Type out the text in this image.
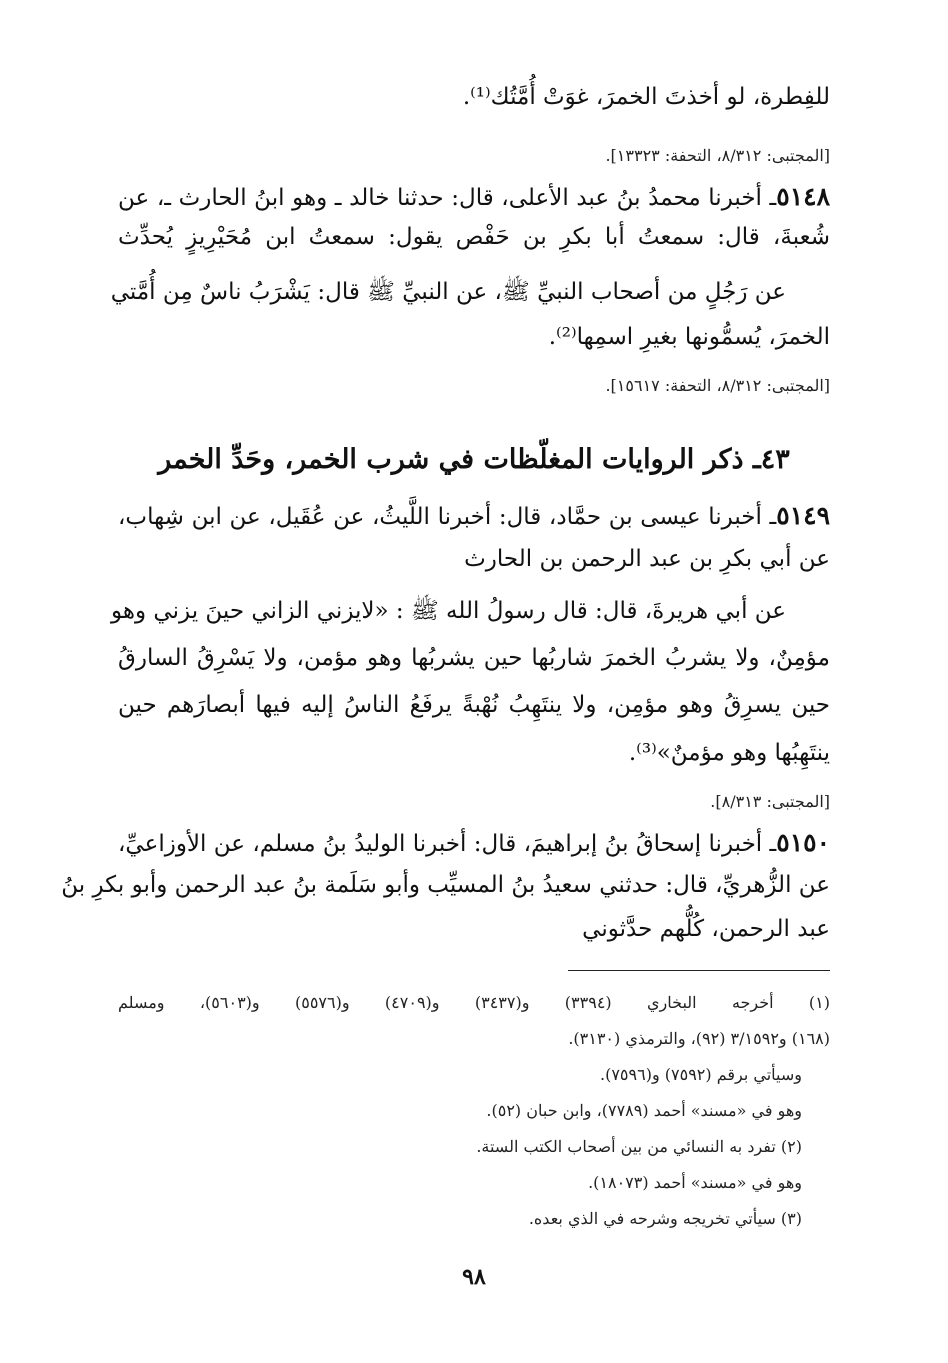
للفِطرة، لو أخذتَ الخمرَ، غوَتْ أُمَّتُك⁽¹⁾.
[المجتبى: ٨/٣١٢، التحفة: ١٣٣٢٣].
٥١٤٨ـ أخبرنا محمدُ بنُ عبد الأعلى، قال: حدثنا خالد ـ وهو ابنُ الحارث ـ، عن
شُعبةَ، قال: سمعتُ أبا بكرِ بن حَفْص يقول: سمعتُ ابن مُحَيْرِيزٍ يُحدِّث
عن رَجُلٍ من أصحاب النبيِّ ﷺ، عن النبيِّ ﷺ قال: يَشْرَبُ ناسٌ مِن أُمَّتي
الخمرَ، يُسمُّونها بغيرِ اسمِها⁽²⁾.
[المجتبى: ٨/٣١٢، التحفة: ١٥٦١٧].
٤٣ـ ذكر الروايات المغلّظات في شرب الخمر، وحَدِّ الخمر
٥١٤٩ـ أخبرنا عيسى بن حمَّاد، قال: أخبرنا اللَّيثُ، عن عُقَيل، عن ابن شِهاب،
عن أبي بكرِ بن عبد الرحمن بن الحارث
عن أبي هريرةَ، قال: قال رسولُ الله ﷺ : «لايزني الزاني حينَ يزني وهو
مؤمِنٌ، ولا يشربُ الخمرَ شاربُها حين يشربُها وهو مؤمن، ولا يَسْرِقُ السارقُ
حين يسرِقُ وهو مؤمِن، ولا ينتَهِبُ نُهْبةً يرفَعُ الناسُ إليه فيها أبصارَهم حين
ينتَهِبُها وهو مؤمنٌ»⁽³⁾.
[المجتبى: ٨/٣١٣].
٥١٥٠ـ أخبرنا إسحاقُ بنُ إبراهيمَ، قال: أخبرنا الوليدُ بنُ مسلم، عن الأوزاعيِّ،
عن الزُّهريِّ، قال: حدثني سعيدُ بنُ المسيِّب وأبو سَلَمة بنُ عبد الرحمن وأبو بكرِ بنُ
عبد الرحمن، كُلُّهم حدَّثوني
(١) أخرجه البخاري (٣٣٩٤) و(٣٤٣٧) و(٤٧٠٩) و(٥٥٧٦) و(٥٦٠٣)، ومسلم
(١٦٨) و٣/١٥٩٢ (٩٢)، والترمذي (٣١٣٠).
وسيأتي برقم (٧٥٩٢) و(٧٥٩٦).
وهو في «مسند» أحمد (٧٧٨٩)، وابن حبان (٥٢).
(٢) تفرد به النسائي من بين أصحاب الكتب الستة.
وهو في «مسند» أحمد (١٨٠٧٣).
(٣) سيأتي تخريجه وشرحه في الذي بعده.
٩٨
